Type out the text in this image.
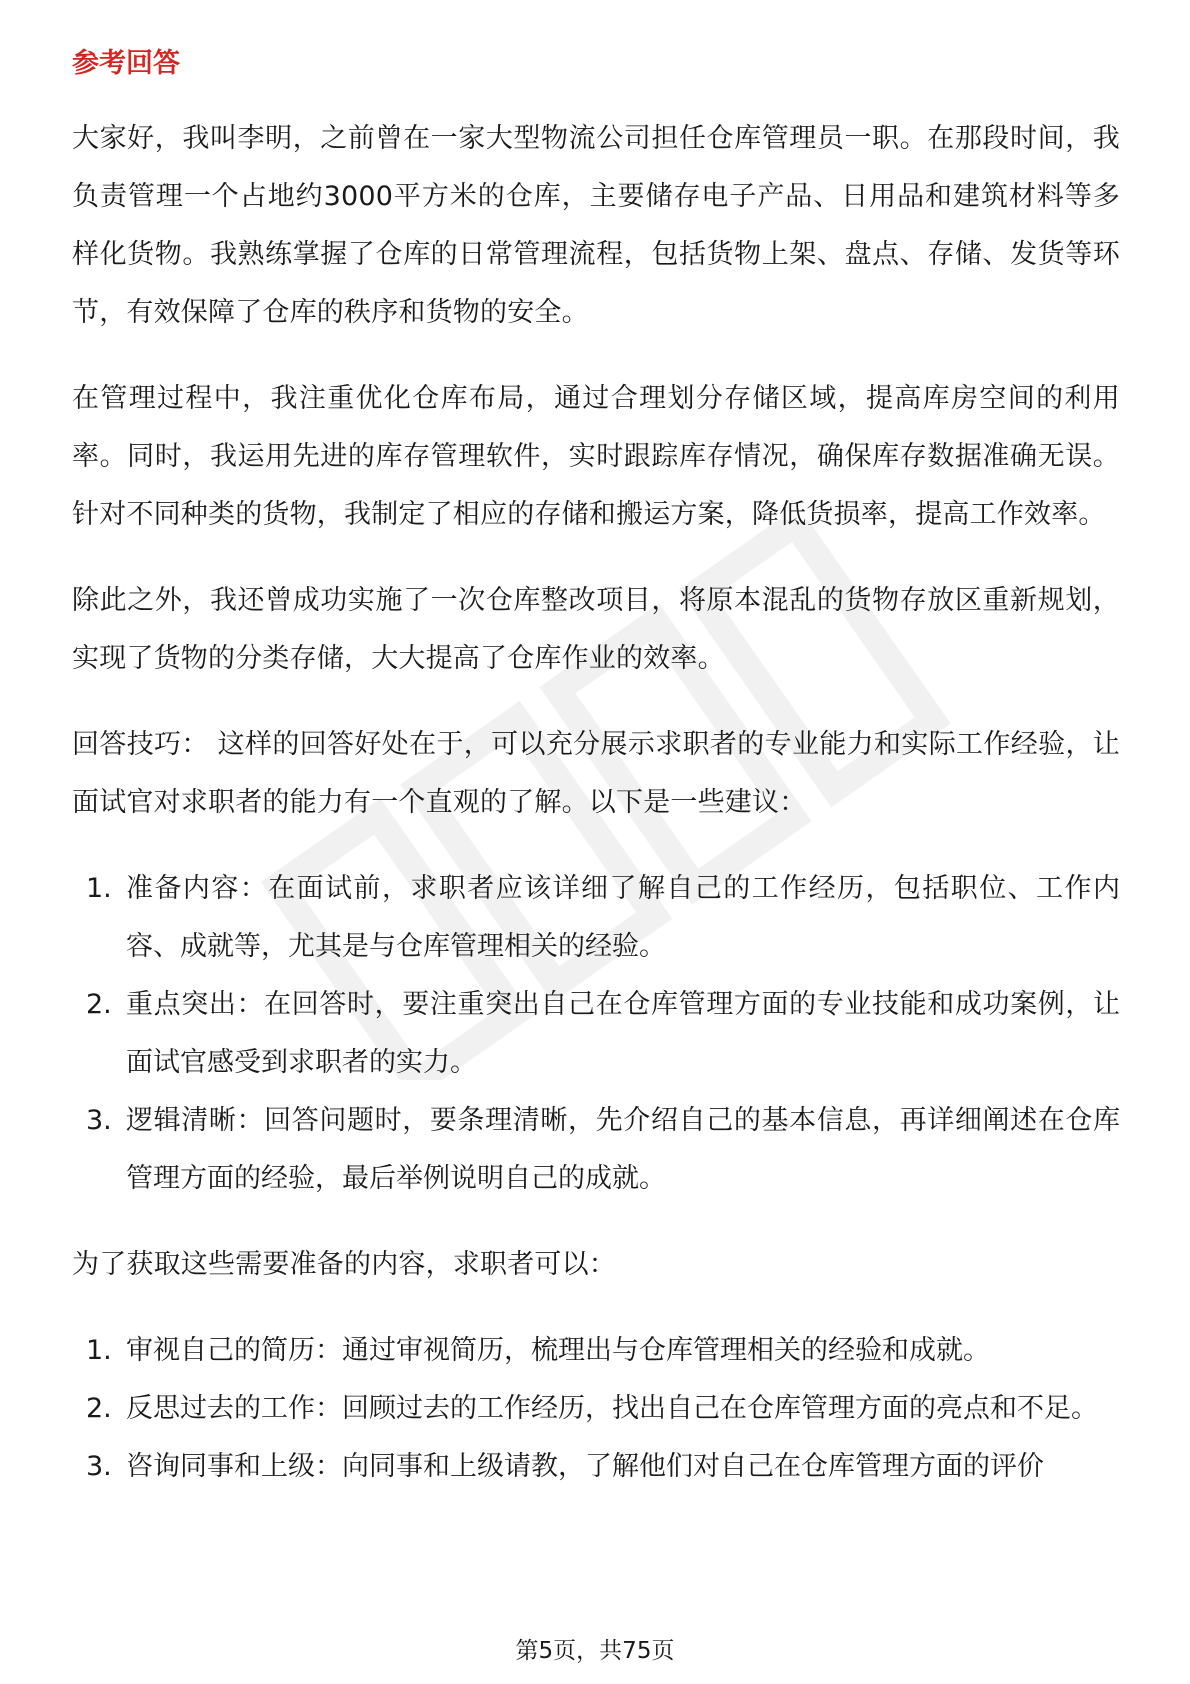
参考回答

大家好，我叫李明，之前曾在一家大型物流公司担任仓库管理员一职。在那段时间，我负责管理一个占地约3000平方米的仓库，主要储存电子产品、日用品和建筑材料等多样化货物。我熟练掌握了仓库的日常管理流程，包括货物上架、盘点、存储、发货等环节，有效保障了仓库的秩序和货物的安全。

在管理过程中，我注重优化仓库布局，通过合理划分存储区域，提高库房空间的利用率。同时，我运用先进的库存管理软件，实时跟踪库存情况，确保库存数据准确无误。针对不同种类的货物，我制定了相应的存储和搬运方案，降低货损率，提高工作效率。

除此之外，我还曾成功实施了一次仓库整改项目，将原本混乱的货物存放区重新规划，实现了货物的分类存储，大大提高了仓库作业的效率。

回答技巧： 这样的回答好处在于，可以充分展示求职者的专业能力和实际工作经验，让面试官对求职者的能力有一个直观的了解。以下是一些建议：

1. 准备内容：在面试前，求职者应该详细了解自己的工作经历，包括职位、工作内容、成就等，尤其是与仓库管理相关的经验。
2. 重点突出：在回答时，要注重突出自己在仓库管理方面的专业技能和成功案例，让面试官感受到求职者的实力。
3. 逻辑清晰：回答问题时，要条理清晰，先介绍自己的基本信息，再详细阐述在仓库管理方面的经验，最后举例说明自己的成就。

为了获取这些需要准备的内容，求职者可以：

1. 审视自己的简历：通过审视简历，梳理出与仓库管理相关的经验和成就。
2. 反思过去的工作：回顾过去的工作经历，找出自己在仓库管理方面的亮点和不足。
3. 咨询同事和上级：向同事和上级请教，了解他们对自己在仓库管理方面的评价
第5页，共75页
